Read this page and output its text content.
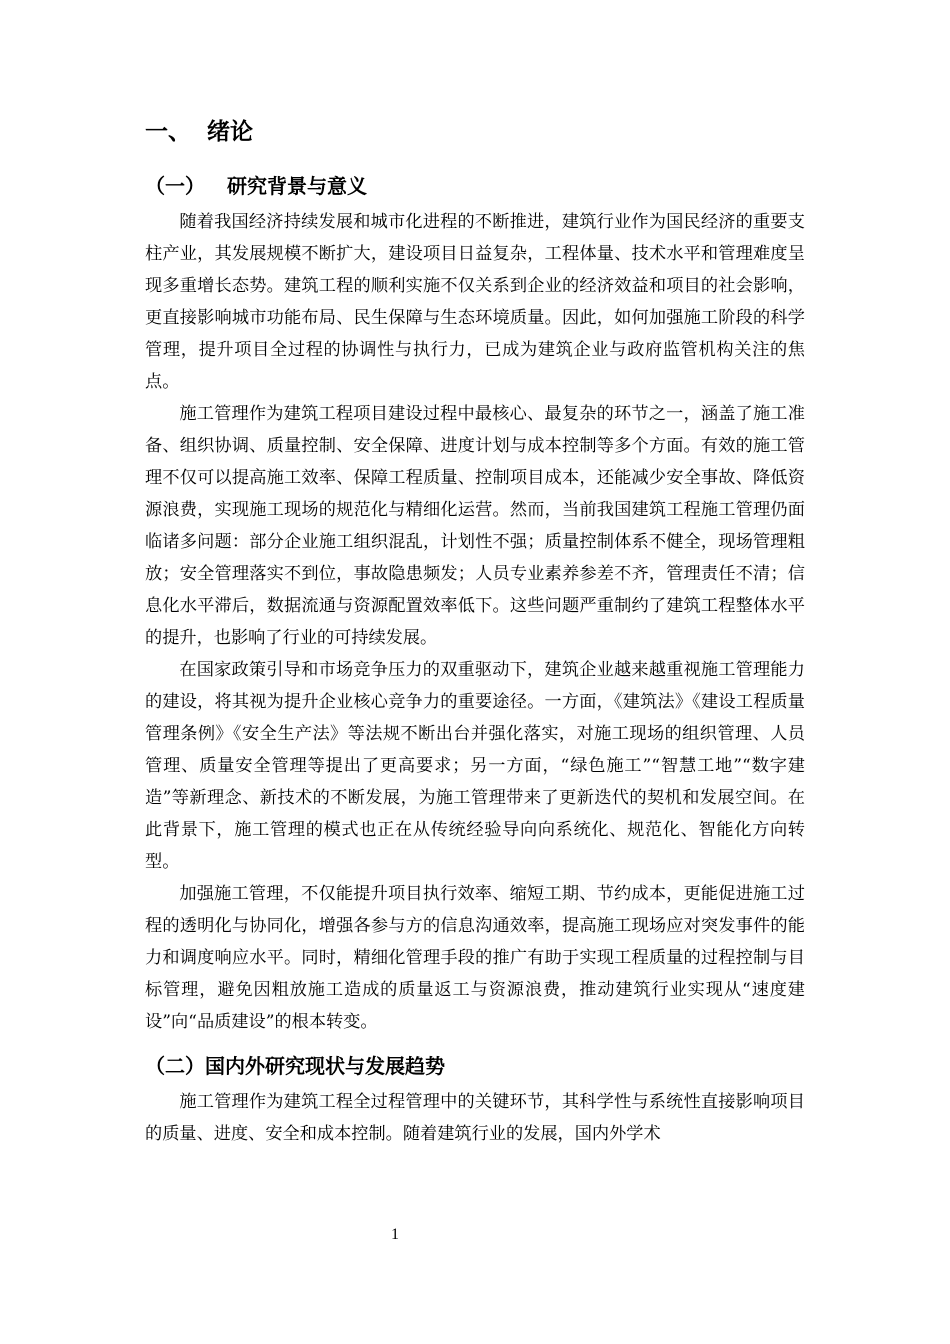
一、 绪论
（一） 研究背景与意义

随着我国经济持续发展和城市化进程的不断推进，建筑行业作为国民经济的重要支柱产业，其发展规模不断扩大，建设项目日益复杂，工程体量、技术水平和管理难度呈现多重增长态势。建筑工程的顺利实施不仅关系到企业的经济效益和项目的社会影响，更直接影响城市功能布局、民生保障与生态环境质量。因此，如何加强施工阶段的科学管理，提升项目全过程的协调性与执行力，已成为建筑企业与政府监管机构关注的焦点。

施工管理作为建筑工程项目建设过程中最核心、最复杂的环节之一，涵盖了施工准备、组织协调、质量控制、安全保障、进度计划与成本控制等多个方面。有效的施工管理不仅可以提高施工效率、保障工程质量、控制项目成本，还能减少安全事故、降低资源浪费，实现施工现场的规范化与精细化运营。然而，当前我国建筑工程施工管理仍面临诸多问题：部分企业施工组织混乱，计划性不强；质量控制体系不健全，现场管理粗放；安全管理落实不到位，事故隐患频发；人员专业素养参差不齐，管理责任不清；信息化水平滞后，数据流通与资源配置效率低下。这些问题严重制约了建筑工程整体水平的提升，也影响了行业的可持续发展。

在国家政策引导和市场竞争压力的双重驱动下，建筑企业越来越重视施工管理能力的建设，将其视为提升企业核心竞争力的重要途径。一方面，《建筑法》《建设工程质量管理条例》《安全生产法》等法规不断出台并强化落实，对施工现场的组织管理、人员管理、质量安全管理等提出了更高要求；另一方面，“绿色施工”“智慧工地”“数字建造”等新理念、新技术的不断发展，为施工管理带来了更新迭代的契机和发展空间。在此背景下，施工管理的模式也正在从传统经验导向向系统化、规范化、智能化方向转型。

加强施工管理，不仅能提升项目执行效率、缩短工期、节约成本，更能促进施工过程的透明化与协同化，增强各参与方的信息沟通效率，提高施工现场应对突发事件的能力和调度响应水平。同时，精细化管理手段的推广有助于实现工程质量的过程控制与目标管理，避免因粗放施工造成的质量返工与资源浪费，推动建筑行业实现从“速度建设”向“品质建设”的根本转变。

（二）国内外研究现状与发展趋势

施工管理作为建筑工程全过程管理中的关键环节，其科学性与系统性直接影响项目的质量、进度、安全和成本控制。随着建筑行业的发展，国内外学术

1
